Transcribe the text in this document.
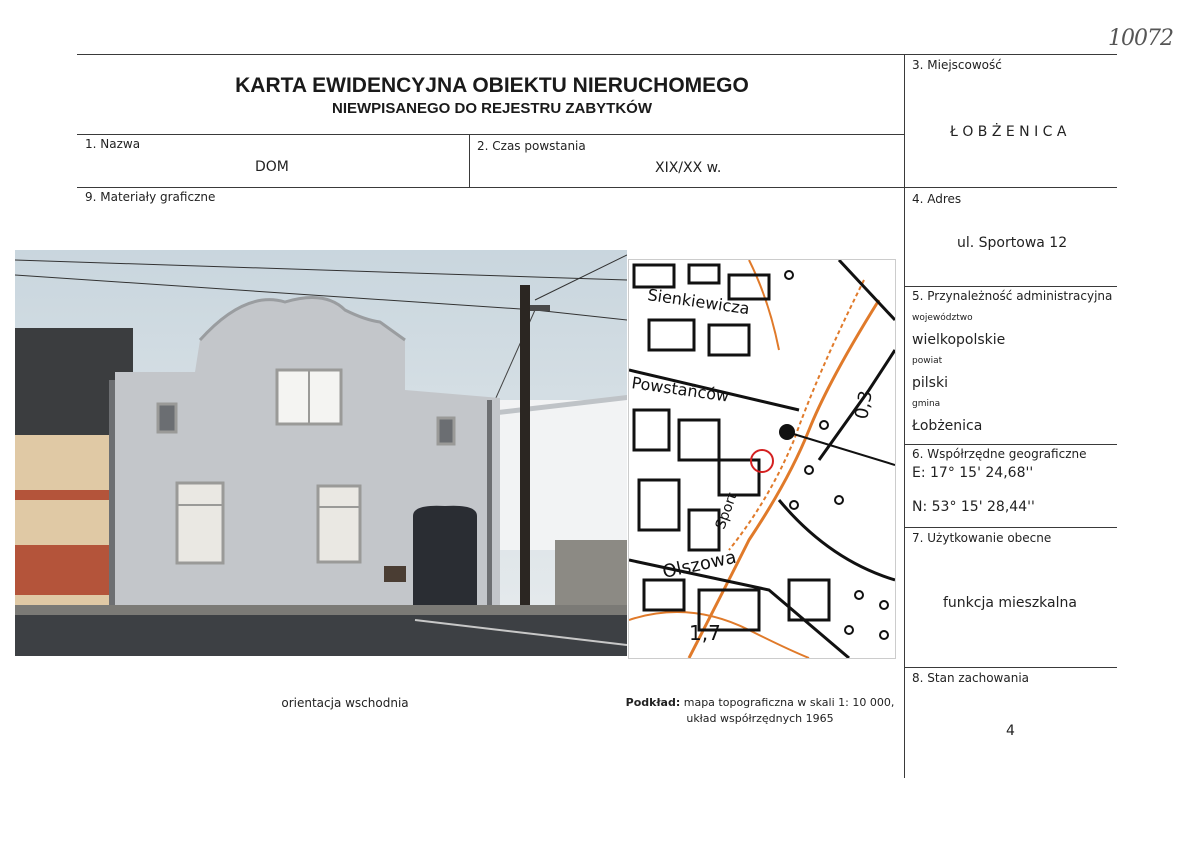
10072
KARTA EWIDENCYJNA OBIEKTU NIERUCHOMEGO
NIEWPISANEGO DO REJESTRU ZABYTKÓW
1. Nazwa
DOM
2. Czas powstania
XIX/XX w.
9. Materiały graficzne
3. Miejscowość
Ł O B Ż E N I C A
4. Adres
ul. Sportowa 12
5. Przynależność administracyjna
województwo
wielkopolskie
powiat
pilski
gmina
Łobżenica
6. Współrzędne geograficzne
E: 17° 15' 24,68''
N: 53° 15' 28,44''
7. Użytkowanie obecne
funkcja mieszkalna
8. Stan zachowania
4
Sienkiewicza
Powstańców
Olszowa
Sport
0,3
1,7
orientacja wschodnia	Podkład: mapa topograficzna w skali 1: 10 000,
układ współrzędnych 1965
